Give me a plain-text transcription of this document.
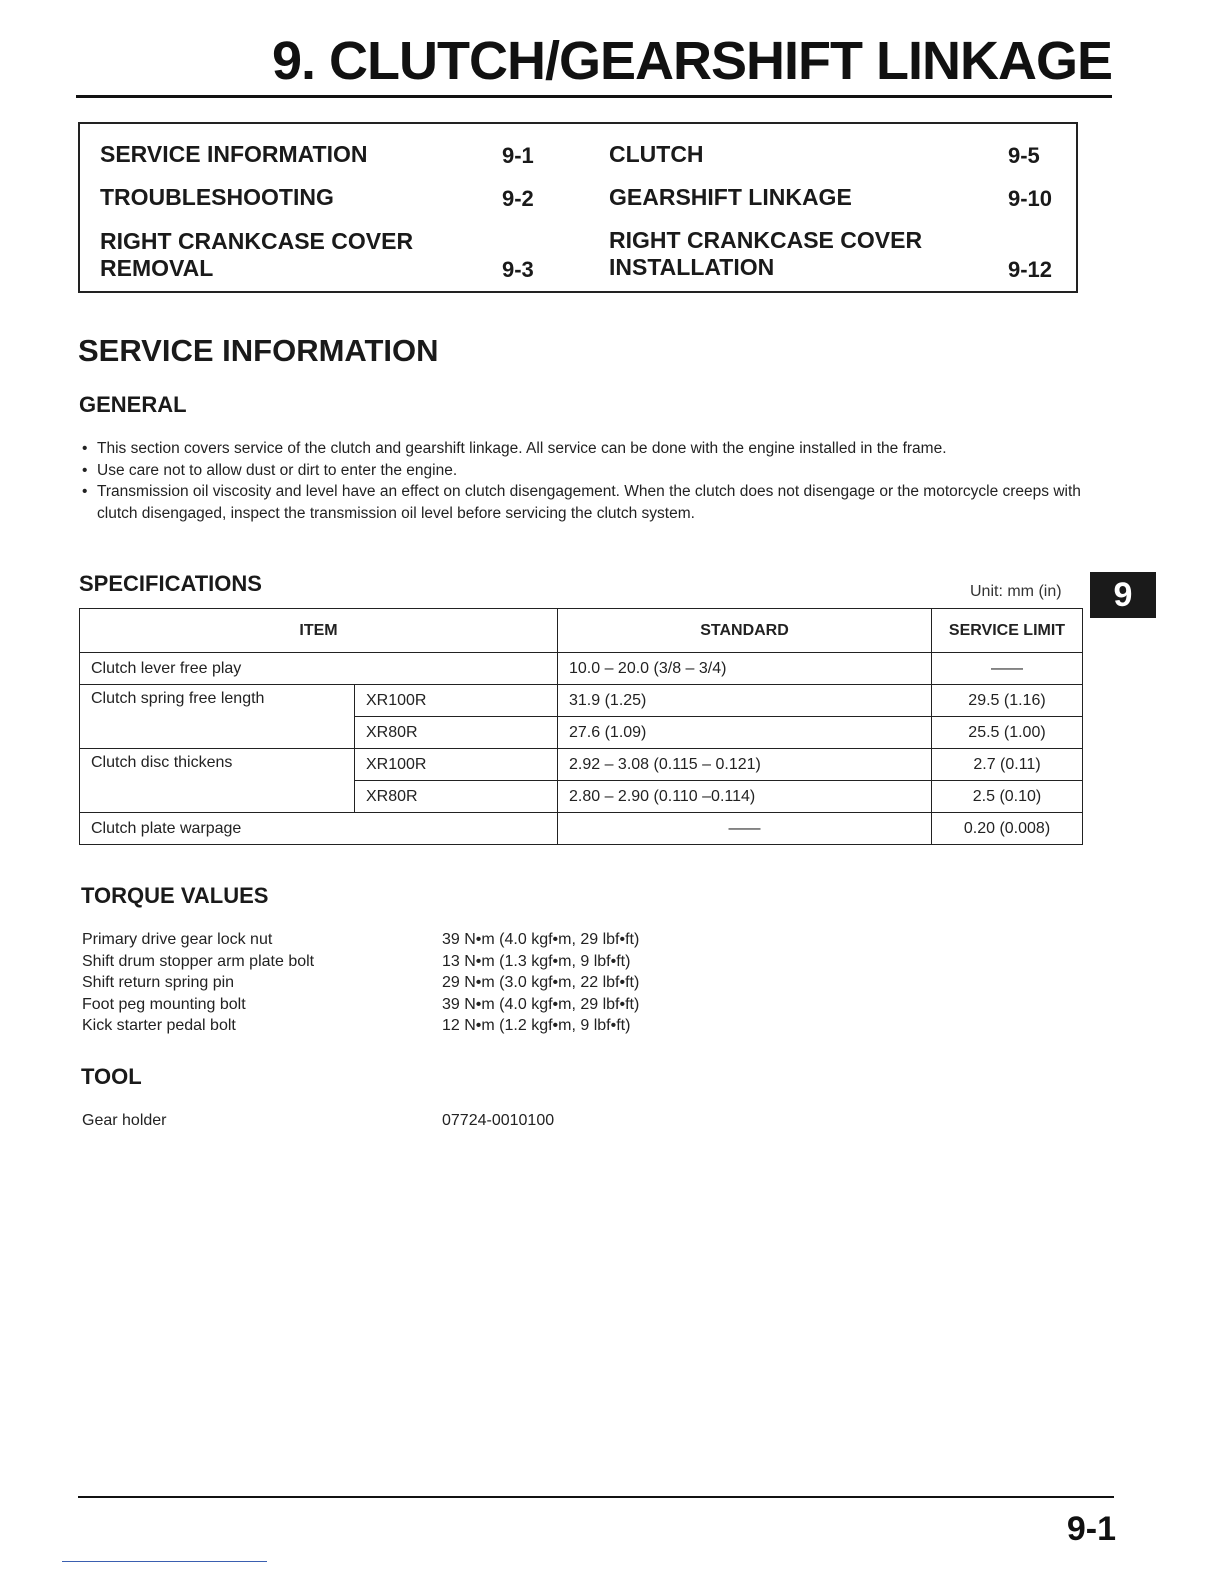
9. CLUTCH/GEARSHIFT LINKAGE
SERVICE INFORMATION	9-1
TROUBLESHOOTING	9-2
RIGHT CRANKCASE COVER
REMOVAL	9-3
CLUTCH	9-5
GEARSHIFT LINKAGE	9-10
RIGHT CRANKCASE COVER
INSTALLATION	9-12
SERVICE INFORMATION
GENERAL
• This section covers service of the clutch and gearshift linkage. All service can be done with the engine installed in the frame.
• Use care not to allow dust or dirt to enter the engine.
• Transmission oil viscosity and level have an effect on clutch disengagement. When the clutch does not disengage or the motorcycle creeps with clutch disengaged, inspect the transmission oil level before servicing the clutch system.
SPECIFICATIONS	Unit: mm (in)	9
ITEM		STANDARD	SERVICE LIMIT
Clutch lever free play		10.0 – 20.0 (3/8 – 3/4)	——
Clutch spring free length	XR100R	31.9 (1.25)	29.5 (1.16)
	XR80R	27.6 (1.09)	25.5 (1.00)
Clutch disc thickens	XR100R	2.92 – 3.08 (0.115 – 0.121)	2.7 (0.11)
	XR80R	2.80 – 2.90 (0.110 –0.114)	2.5 (0.10)
Clutch plate warpage		——	0.20 (0.008)
TORQUE VALUES
Primary drive gear lock nut	39 N•m (4.0 kgf•m, 29 lbf•ft)
Shift drum stopper arm plate bolt	13 N•m (1.3 kgf•m, 9 lbf•ft)
Shift return spring pin	29 N•m (3.0 kgf•m, 22 lbf•ft)
Foot peg mounting bolt	39 N•m (4.0 kgf•m, 29 lbf•ft)
Kick starter pedal bolt	12 N•m (1.2 kgf•m, 9 lbf•ft)
TOOL
Gear holder	07724-0010100
9-1
